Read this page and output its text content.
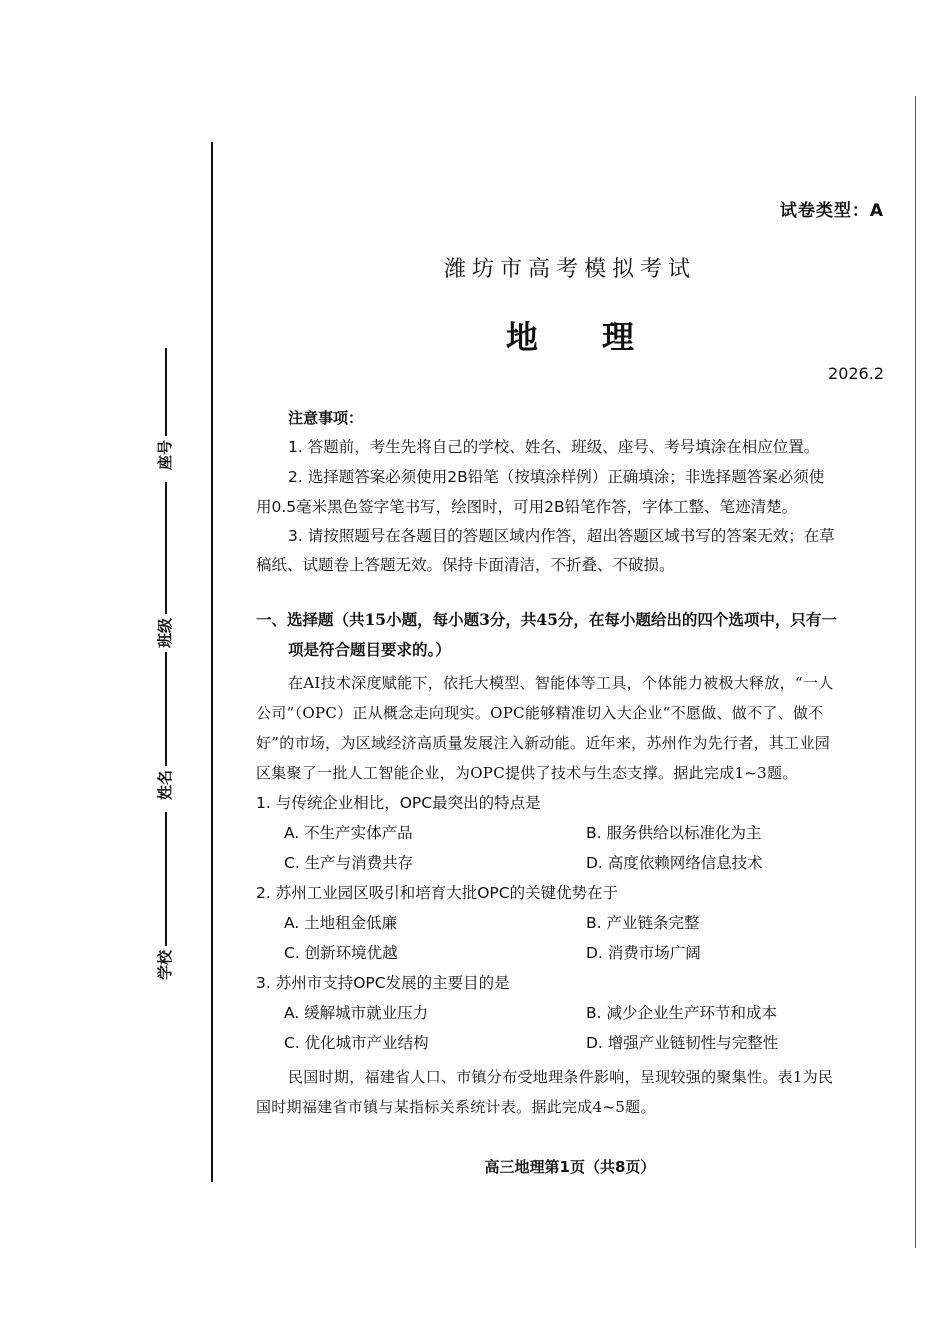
座号
班级
姓名
学校
试卷类型：A
潍坊市高考模拟考试
地　　理
2026.2
注意事项：
1. 答题前，考生先将自己的学校、姓名、班级、座号、考号填涂在相应位置。
2. 选择题答案必须使用2B铅笔（按填涂样例）正确填涂；非选择题答案必须使
用0.5毫米黑色签字笔书写，绘图时，可用2B铅笔作答，字体工整、笔迹清楚。
3. 请按照题号在各题目的答题区域内作答，超出答题区域书写的答案无效；在草
稿纸、试题卷上答题无效。保持卡面清洁，不折叠、不破损。
一、选择题（共15小题，每小题3分，共45分，在每小题给出的四个选项中，只有一
项是符合题目要求的。）
在AI技术深度赋能下，依托大模型、智能体等工具，个体能力被极大释放，“一人
公司”（OPC）正从概念走向现实。OPC能够精准切入大企业“不愿做、做不了、做不
好”的市场，为区域经济高质量发展注入新动能。近年来，苏州作为先行者，其工业园
区集聚了一批人工智能企业，为OPC提供了技术与生态支撑。据此完成1~3题。
1. 与传统企业相比，OPC最突出的特点是
A. 不生产实体产品	B. 服务供给以标准化为主
C. 生产与消费共存	D. 高度依赖网络信息技术
2. 苏州工业园区吸引和培育大批OPC的关键优势在于
A. 土地租金低廉	B. 产业链条完整
C. 创新环境优越	D. 消费市场广阔
3. 苏州市支持OPC发展的主要目的是
A. 缓解城市就业压力	B. 减少企业生产环节和成本
C. 优化城市产业结构	D. 增强产业链韧性与完整性
民国时期，福建省人口、市镇分布受地理条件影响，呈现较强的聚集性。表1为民
国时期福建省市镇与某指标关系统计表。据此完成4~5题。
高三地理第1页（共8页）
